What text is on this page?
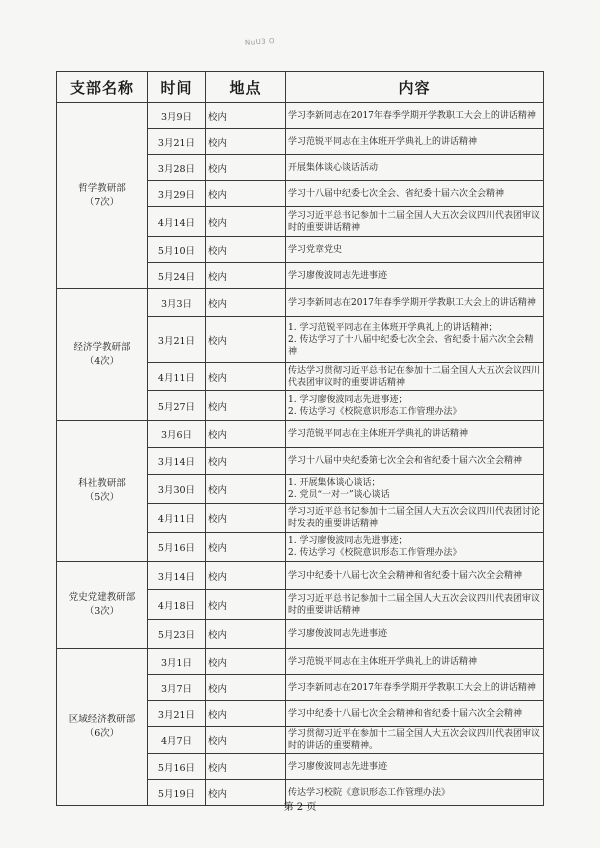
NuU3 O
支部名称	时间	地点	内容

哲学教研部
（7次）	3月9日	校内	学习李新同志在2017年春季学期开学教职工大会上的讲话精神

	3月21日	校内	学习范锐平同志在主体班开学典礼上的讲话精神

	3月28日	校内	开展集体谈心谈话活动

	3月29日	校内	学习十八届中纪委七次全会、省纪委十届六次全会精神

	4月14日	校内	学习习近平总书记参加十二届全国人大五次会议四川代表团审议时的重要讲话精神

	5月10日	校内	学习党章党史

	5月24日	校内	学习廖俊波同志先进事迹

经济学教研部
（4次）	3月3日	校内	学习李新同志在2017年春季学期开学教职工大会上的讲话精神

	3月21日	校内	1. 学习范锐平同志在主体班开学典礼上的讲话精神；
2. 传达学习了十八届中纪委七次全会、省纪委十届六次全会精神

	4月11日	校内	传达学习贯彻习近平总书记在参加十二届全国人大五次会议四川代表团审议时的重要讲话精神

	5月27日	校内	1. 学习廖俊波同志先进事迹；
2. 传达学习《校院意识形态工作管理办法》

科社教研部
（5次）	3月6日	校内	学习范锐平同志在主体班开学典礼的讲话精神

	3月14日	校内	学习十八届中央纪委第七次全会和省纪委十届六次全会精神

	3月30日	校内	1. 开展集体谈心谈话；
2. 党员“一对一”谈心谈话

	4月11日	校内	学习习近平总书记参加十二届全国人大五次会议四川代表团讨论时发表的重要讲话精神

	5月16日	校内	1. 学习廖俊波同志先进事迹；
2. 传达学习《校院意识形态工作管理办法》

党史党建教研部
（3次）	3月14日	校内	学习中纪委十八届七次全会精神和省纪委十届六次全会精神

	4月18日	校内	学习习近平总书记参加十二届全国人大五次会议四川代表团审议时的重要讲话精神

	5月23日	校内	学习廖俊波同志先进事迹

区域经济教研部
（6次）	3月1日	校内	学习范锐平同志在主体班开学典礼上的讲话精神

	3月7日	校内	学习李新同志在2017年春季学期开学教职工大会上的讲话精神

	3月21日	校内	学习中纪委十八届七次全会精神和省纪委十届六次全会精神

	4月7日	校内	学习贯彻习近平在参加十二届全国人大五次会议四川代表团审议时的讲话的重要精神。

	5月16日	校内	学习廖俊波同志先进事迹

	5月19日	校内	传达学习校院《意识形态工作管理办法》
第 2 页
